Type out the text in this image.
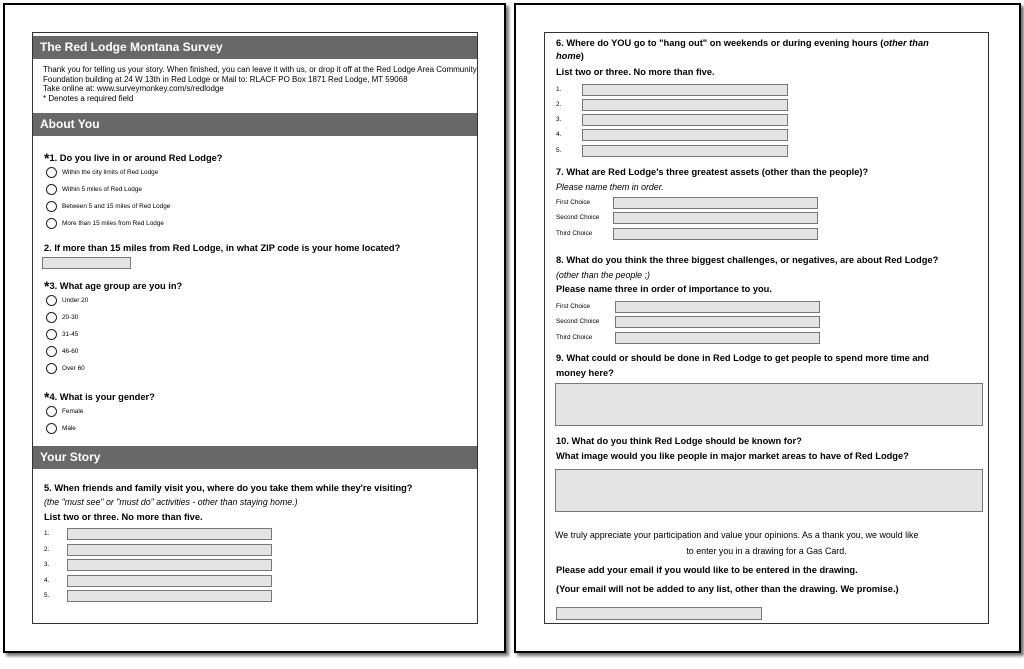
The Red Lodge Montana Survey
Thank you for telling us your story. When finished, you can leave it with us, or drop it off at the Red Lodge Area Community
Foundation building at 24 W 13th in Red Lodge or Mail to: RLACF PO Box 1871 Red Lodge, MT 59068
Take online at: www.surveymonkey.com/s/redlodge
* Denotes a required field
About You
*1. Do you live in or around Red Lodge?
Within the city limits of Red Lodge
Within 5 miles of Red Lodge
Between 5 and 15 miles of Red Lodge
More than 15 miles from Red Lodge
2. If more than 15 miles from Red Lodge, in what ZIP code is your home located?
*3. What age group are you in?
Under 20
20-30
31-45
46-60
Over 60
*4. What is your gender?
Female
Male
Your Story
5. When friends and family visit you, where do you take them while they're visiting?
(the "must see" or "must do" activities - other than staying home.)
List two or three. No more than five.
1.
2.
3.
4.
5.
6. Where do YOU go to "hang out" on weekends or during evening hours (other than
home)
List two or three. No more than five.
1.
2.
3.
4.
5.
7. What are Red Lodge's three greatest assets (other than the people)?
Please name them in order.
First Choice
Second Choice
Third Choice
8. What do you think the three biggest challenges, or negatives, are about Red Lodge?
(other than the people ;)
Please name three in order of importance to you.
First Choice
Second Choice
Third Choice
9. What could or should be done in Red Lodge to get people to spend more time and
money here?
10. What do you think Red Lodge should be known for?
What image would you like people in major market areas to have of Red Lodge?
We truly appreciate your participation and value your opinions. As a thank you, we would like
to enter you in a drawing for a Gas Card.
Please add your email if you would like to be entered in the drawing.
(Your email will not be added to any list, other than the drawing. We promise.)
